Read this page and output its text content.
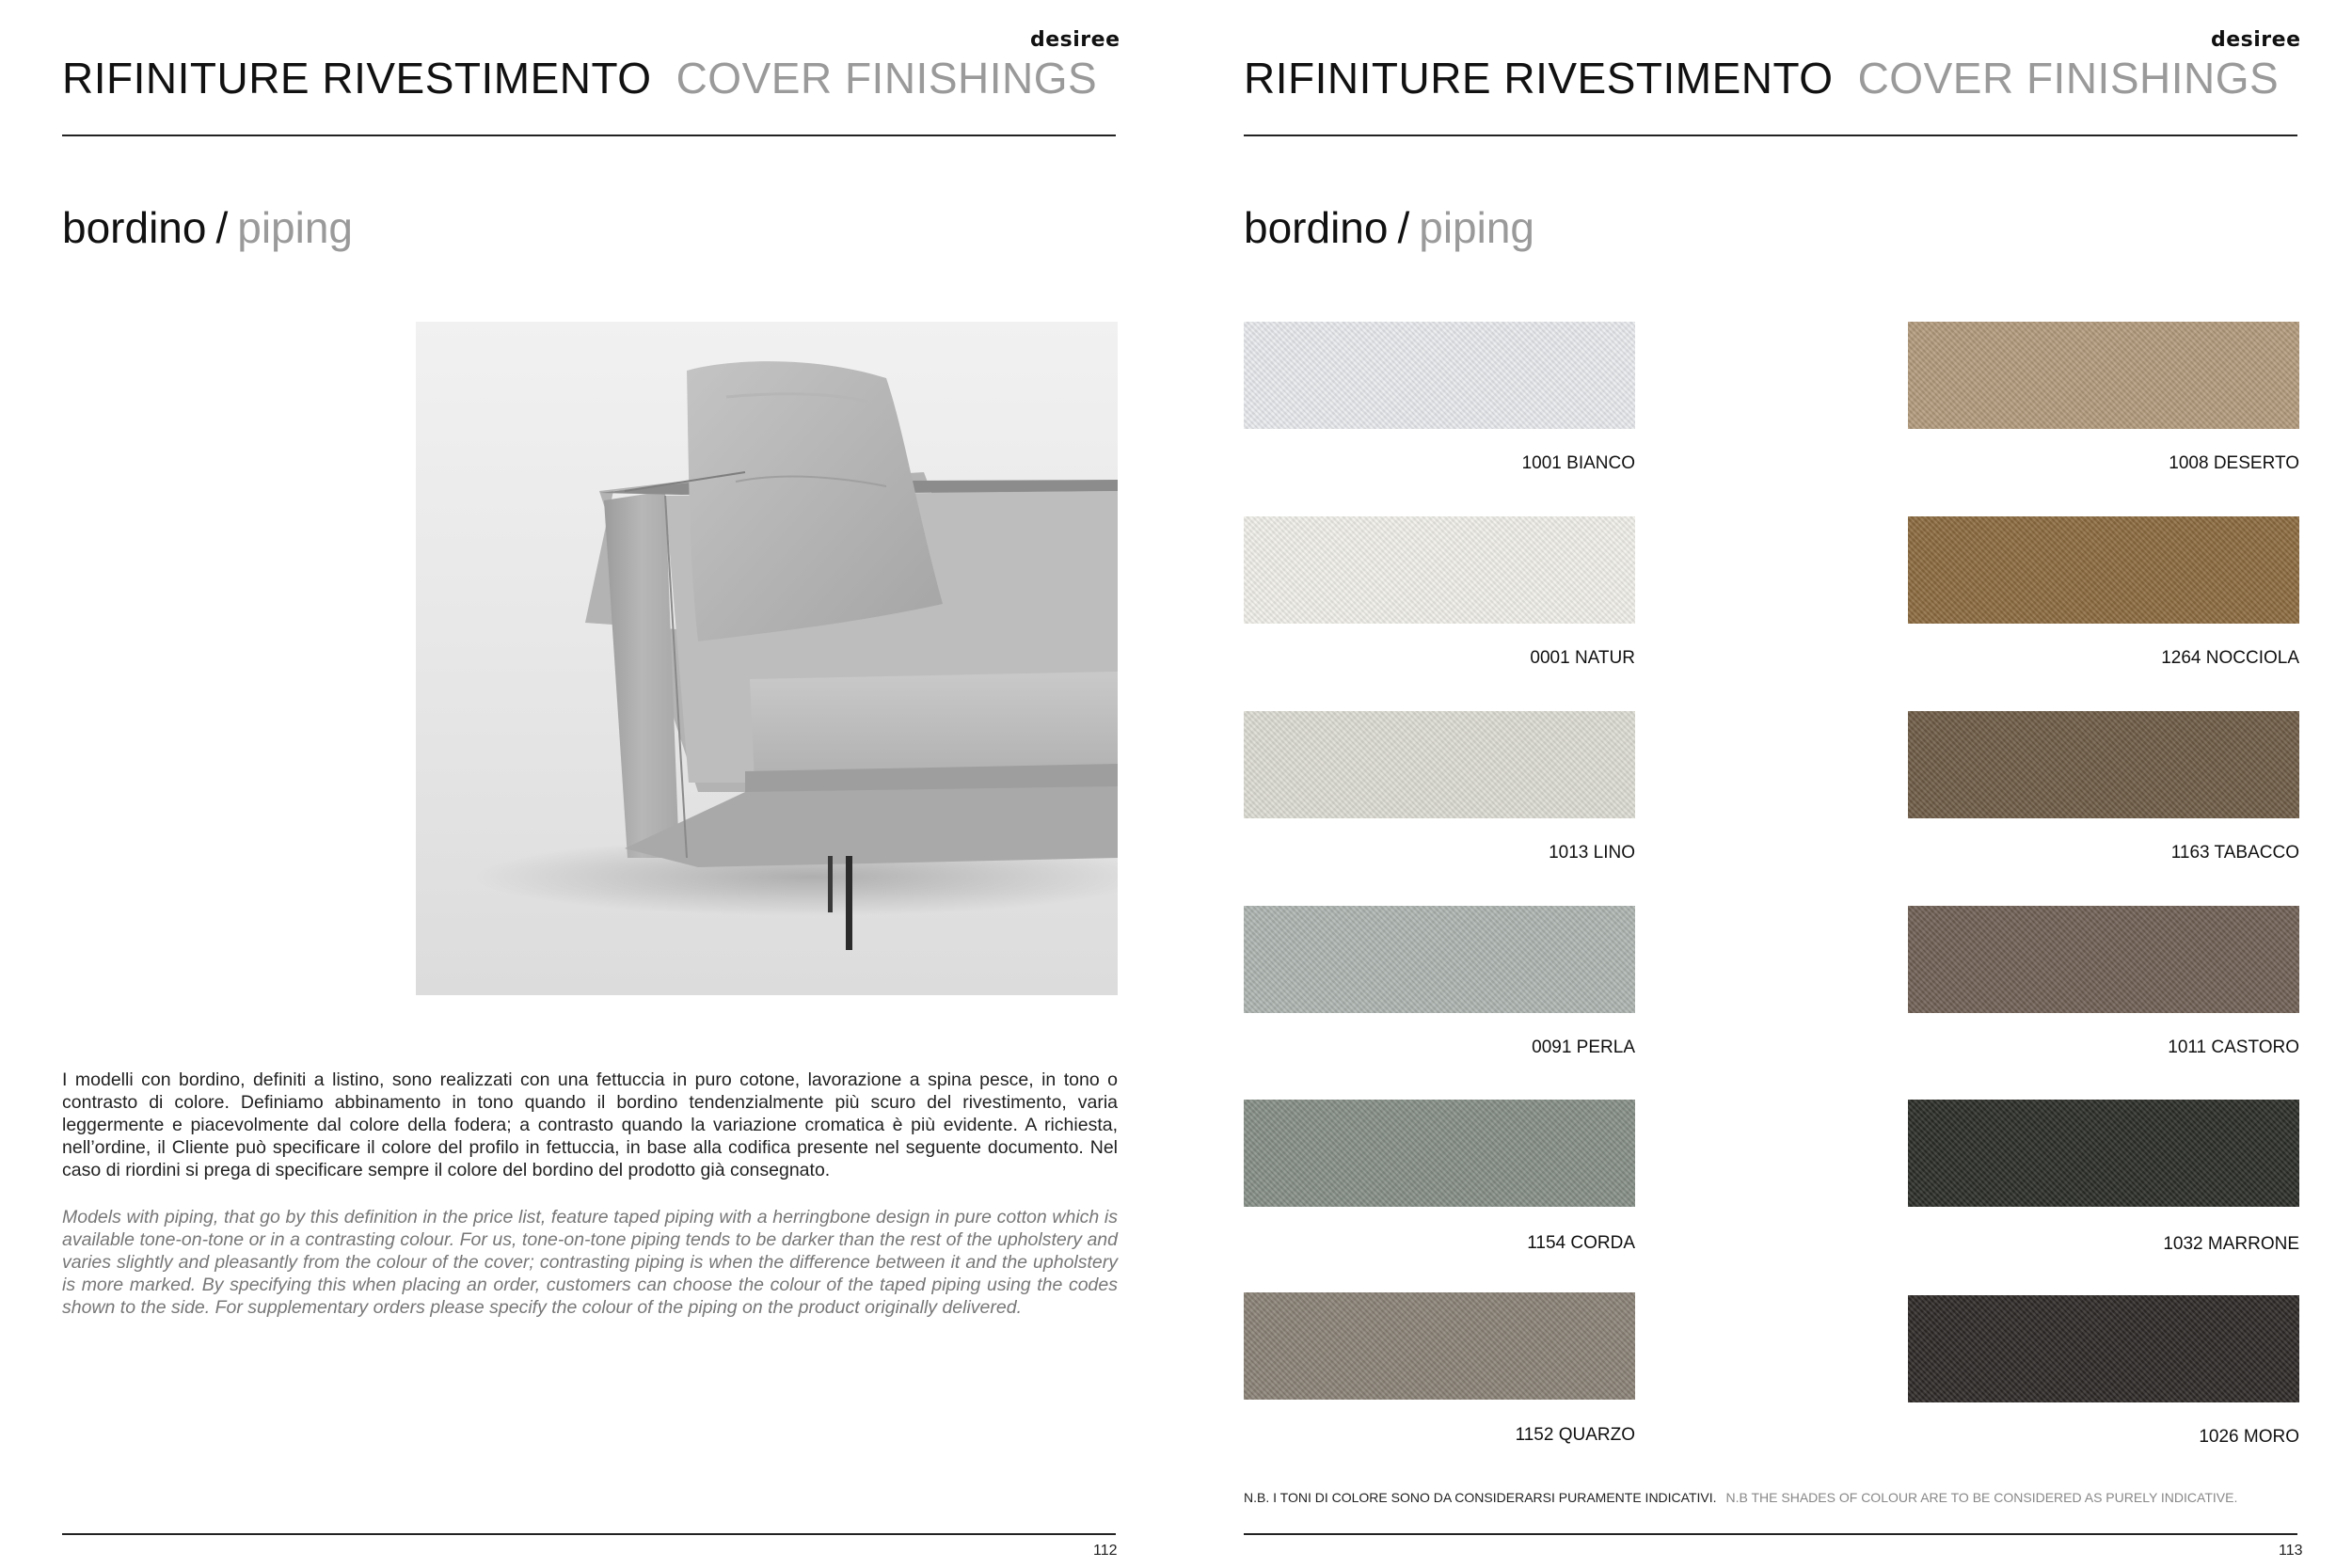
desiree
RIFINITURE RIVESTIMENTO COVER FINISHINGS
bordino / piping
I modelli con bordino, definiti a listino, sono realizzati con una fettuccia in puro cotone, lavorazione a spina pesce, in tono o contrasto di colore. Definiamo abbinamento in tono quando il bordino tendenzialmente più scuro del rivestimento, varia leggermente e piacevolmente dal colore della fodera; a contrasto quando la variazione cromatica è più evidente. A richiesta, nell’ordine, il Cliente può specificare il colore del profilo in fettuccia, in base alla codifica presente nel seguente documento. Nel caso di riordini si prega di specificare sempre il colore del bordino del prodotto già consegnato.
Models with piping, that go by this definition in the price list, feature taped piping with a herringbone design in pure cotton which is available tone-on-tone or in a contrasting colour. For us, tone-on-tone piping tends to be darker than the rest of the upholstery and varies slightly and pleasantly from the colour of the cover; contrasting piping is when the difference between it and the upholstery is more marked. By specifying this when placing an order, customers can choose the colour of the taped piping using the codes shown to the side. For supplementary orders please specify the colour of the piping on the product originally delivered.
112
desiree
RIFINITURE RIVESTIMENTO COVER FINISHINGS
bordino / piping
1001 BIANCO
0001 NATUR
1013 LINO
0091 PERLA
1154 CORDA
1152 QUARZO
1008 DESERTO
1264 NOCCIOLA
1163 TABACCO
1011 CASTORO
1032 MARRONE
1026 MORO
N.B. I TONI DI COLORE SONO DA CONSIDERARSI PURAMENTE INDICATIVI. N.B THE SHADES OF COLOUR ARE TO BE CONSIDERED AS PURELY INDICATIVE.
113
